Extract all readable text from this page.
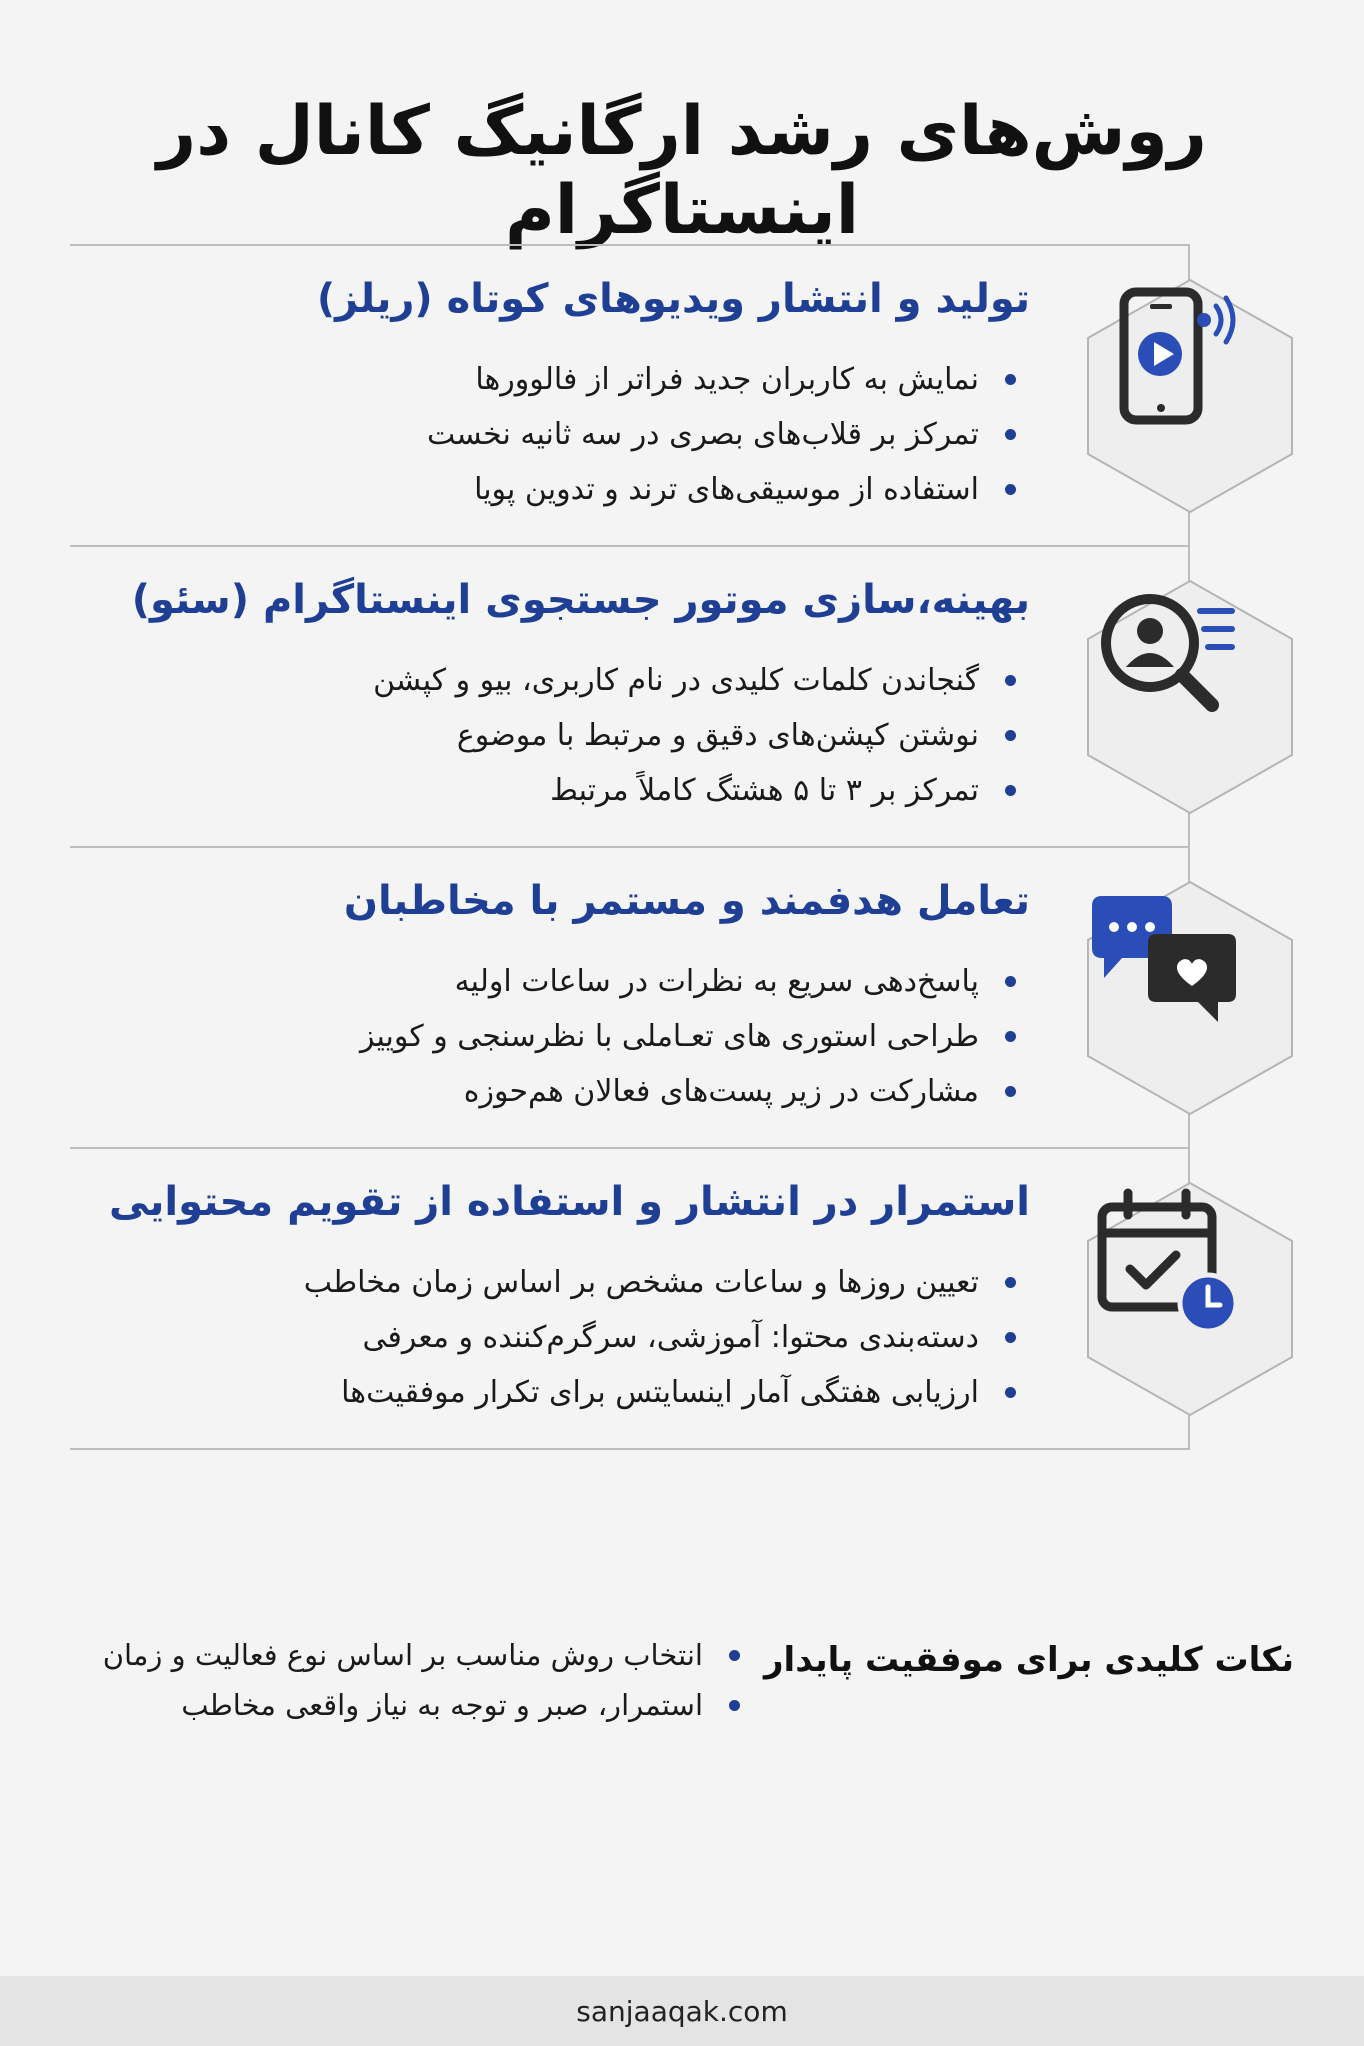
روش‌های رشد ارگانیگ کانال در اینستاگرام
تولید و انتشار ویدیوهای کوتاه (ریلز)
نمایش به کاربران جدید فراتر از فالوورها
تمرکز بر قلاب‌های بصری در سه ثانیه نخست
استفاده از موسیقی‌های ترند و تدوین پویا
بهینه،سازی موتور جستجوی اینستاگرام (سئو)
گنجاندن کلمات کلیدی در نام کاربری، بیو و کپشن
نوشتن کپشن‌های دقیق و مرتبط با موضوع
تمرکز بر ۳ تا ۵ هشتگ کاملاً مرتبط
تعامل هدفمند و مستمر با مخاطبان
پاسخ‌دهی سریع به نظرات در ساعات اولیه
طراحی استوری های تعـاملی با نظرسنجی و کوییز
مشارکت در زیر پست‌های فعالان هم‌حوزه
استمرار در انتشار و استفاده از تقویم محتوایی
تعیین روزها و ساعات مشخص بر اساس زمان مخاطب
دسته‌بندی محتوا: آموزشی، سرگرم‌کننده و معرفی
ارزیابی هفتگی آمار اینسایتس برای تکرار موفقیت‌ها
نکات کلیدی برای موفقیت پایدار
انتخاب روش مناسب بر اساس نوع فعالیت و زمان
استمرار، صبر و توجه به نیاز واقعی مخاطب
sanjaaqak.com
